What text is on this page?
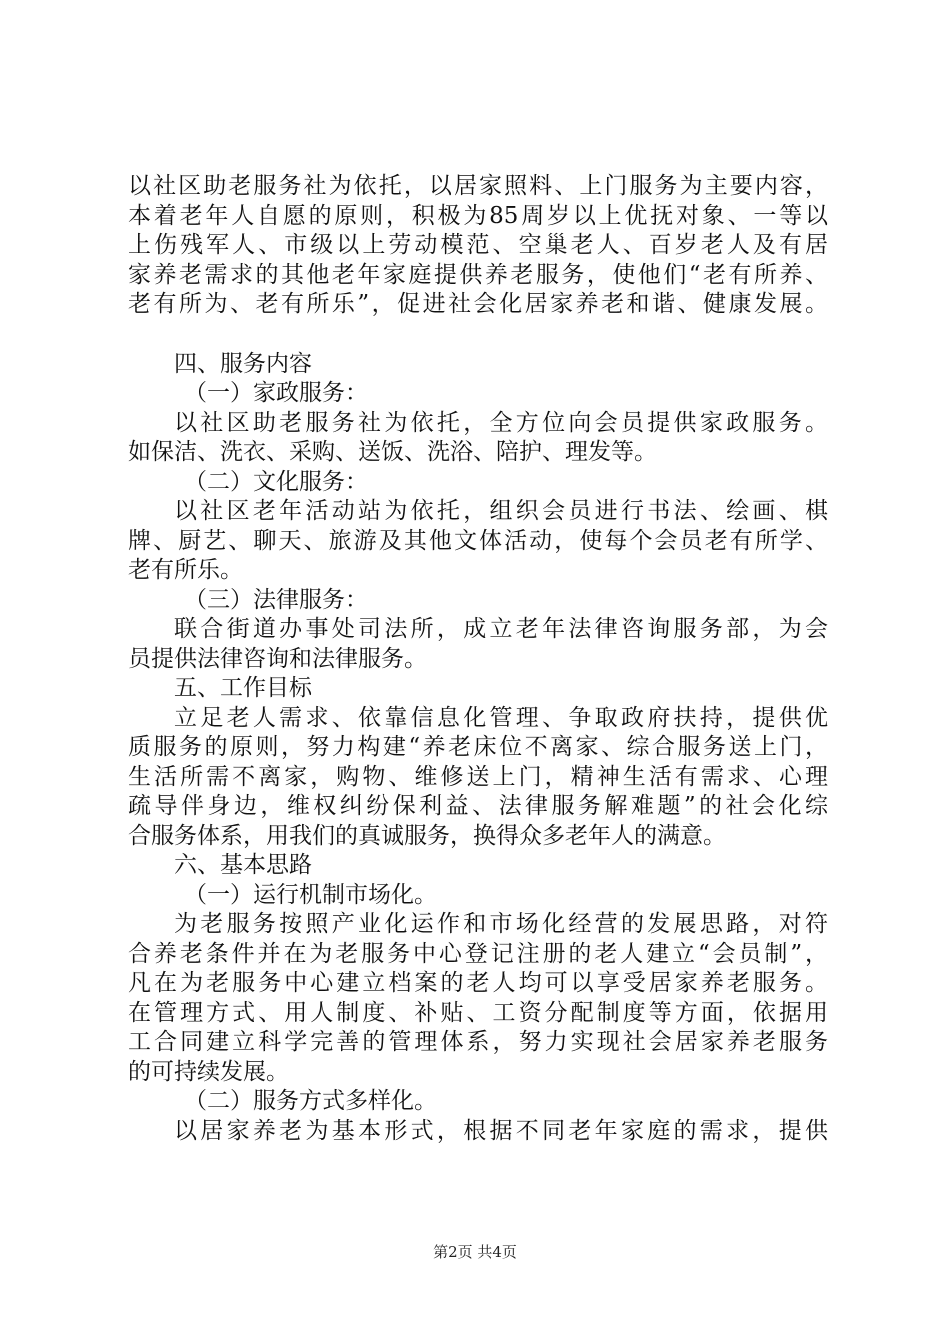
以社区助老服务社为依托，以居家照料、上门服务为主要内容，
本着老年人自愿的原则，积极为85周岁以上优抚对象、一等以
上伤残军人、市级以上劳动模范、空巢老人、百岁老人及有居
家养老需求的其他老年家庭提供养老服务，使他们“老有所养、
老有所为、老有所乐”，促进社会化居家养老和谐、健康发展。
四、服务内容
（一）家政服务：
以社区助老服务社为依托，全方位向会员提供家政服务。
如保洁、洗衣、采购、送饭、洗浴、陪护、理发等。
（二）文化服务：
以社区老年活动站为依托，组织会员进行书法、绘画、棋
牌、厨艺、聊天、旅游及其他文体活动，使每个会员老有所学、
老有所乐。
（三）法律服务：
联合街道办事处司法所，成立老年法律咨询服务部，为会
员提供法律咨询和法律服务。
五、工作目标
立足老人需求、依靠信息化管理、争取政府扶持，提供优
质服务的原则，努力构建“养老床位不离家、综合服务送上门，
生活所需不离家，购物、维修送上门，精神生活有需求、心理
疏导伴身边，维权纠纷保利益、法律服务解难题”的社会化综
合服务体系，用我们的真诚服务，换得众多老年人的满意。
六、基本思路
（一）运行机制市场化。
为老服务按照产业化运作和市场化经营的发展思路，对符
合养老条件并在为老服务中心登记注册的老人建立“会员制”，
凡在为老服务中心建立档案的老人均可以享受居家养老服务。
在管理方式、用人制度、补贴、工资分配制度等方面，依据用
工合同建立科学完善的管理体系，努力实现社会居家养老服务
的可持续发展。
（二）服务方式多样化。
以居家养老为基本形式，根据不同老年家庭的需求，提供
第2页 共4页
